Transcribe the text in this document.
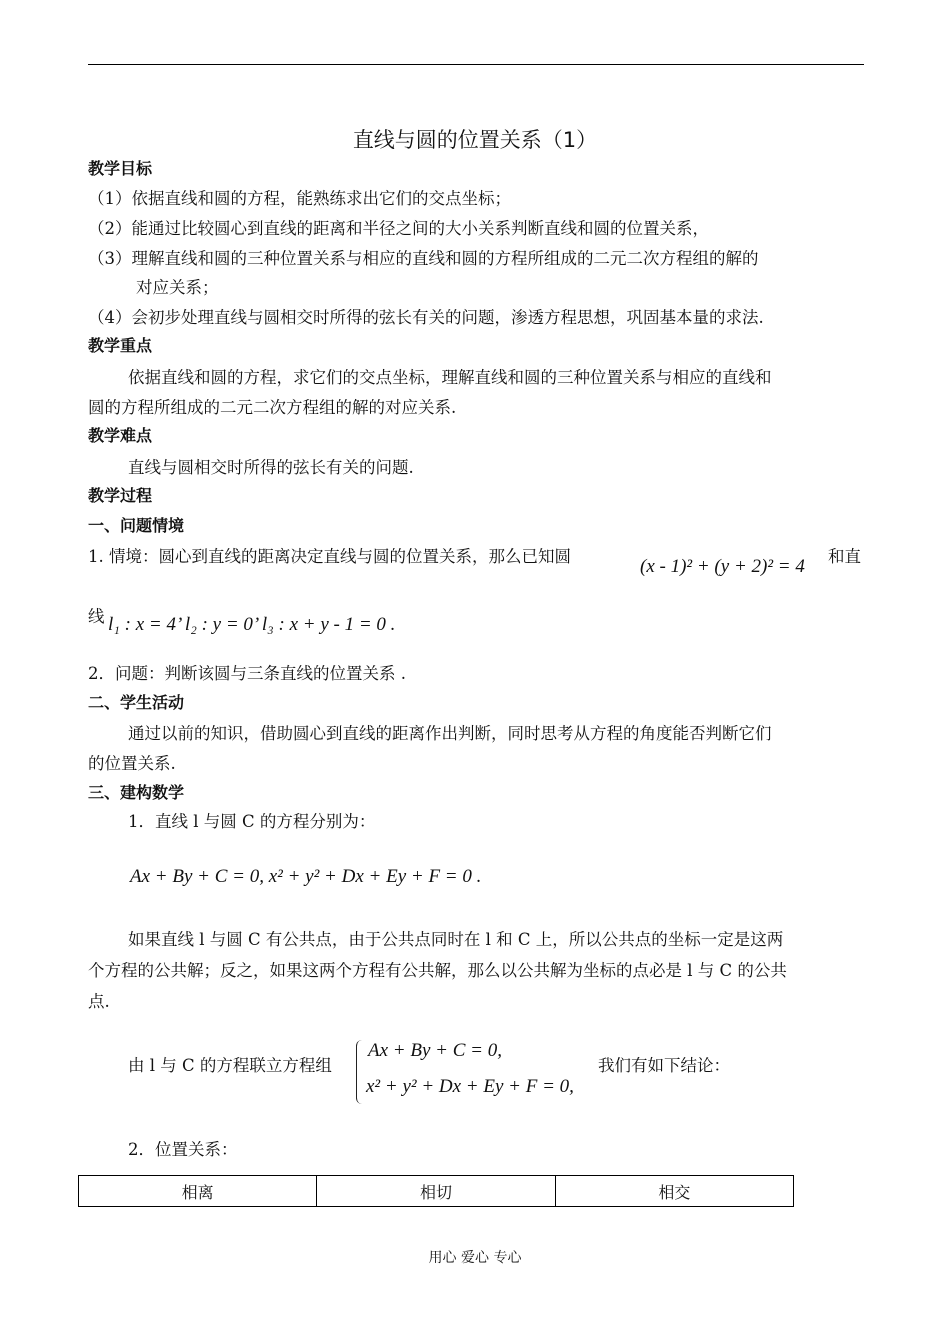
直线与圆的位置关系（1）
教学目标
（1）依据直线和圆的方程，能熟练求出它们的交点坐标；
（2）能通过比较圆心到直线的距离和半径之间的大小关系判断直线和圆的位置关系，
（3）理解直线和圆的三种位置关系与相应的直线和圆的方程所组成的二元二次方程组的解的
对应关系；
（4）会初步处理直线与圆相交时所得的弦长有关的问题，渗透方程思想，巩固基本量的求法.
教学重点
依据直线和圆的方程，求它们的交点坐标，理解直线和圆的三种位置关系与相应的直线和
圆的方程所组成的二元二次方程组的解的对应关系.
教学难点
直线与圆相交时所得的弦长有关的问题.
教学过程
一、问题情境
1. 情境：圆心到直线的距离决定直线与圆的位置关系，那么已知圆	(x - 1)² + (y + 2)² = 4 和直
线 l₁ : x = 4’ l₂ : y = 0’ l₃ : x + y - 1 = 0 .
2．问题：判断该圆与三条直线的位置关系 .
二、学生活动
通过以前的知识，借助圆心到直线的距离作出判断，同时思考从方程的角度能否判断它们
的位置关系.
三、建构数学
1．直线 l 与圆 C 的方程分别为：
Ax + By + C = 0, x² + y² + Dx + Ey + F = 0 .
如果直线 l 与圆 C 有公共点，由于公共点同时在 l 和 C 上，所以公共点的坐标一定是这两
个方程的公共解；反之，如果这两个方程有公共解，那么以公共解为坐标的点必是 l 与 C 的公共
点.
由 l 与 C 的方程联立方程组
Ax + By + C = 0,
x² + y² + Dx + Ey + F = 0,
我们有如下结论：
2．位置关系：
相离	相切	相交
用心 爱心 专心
